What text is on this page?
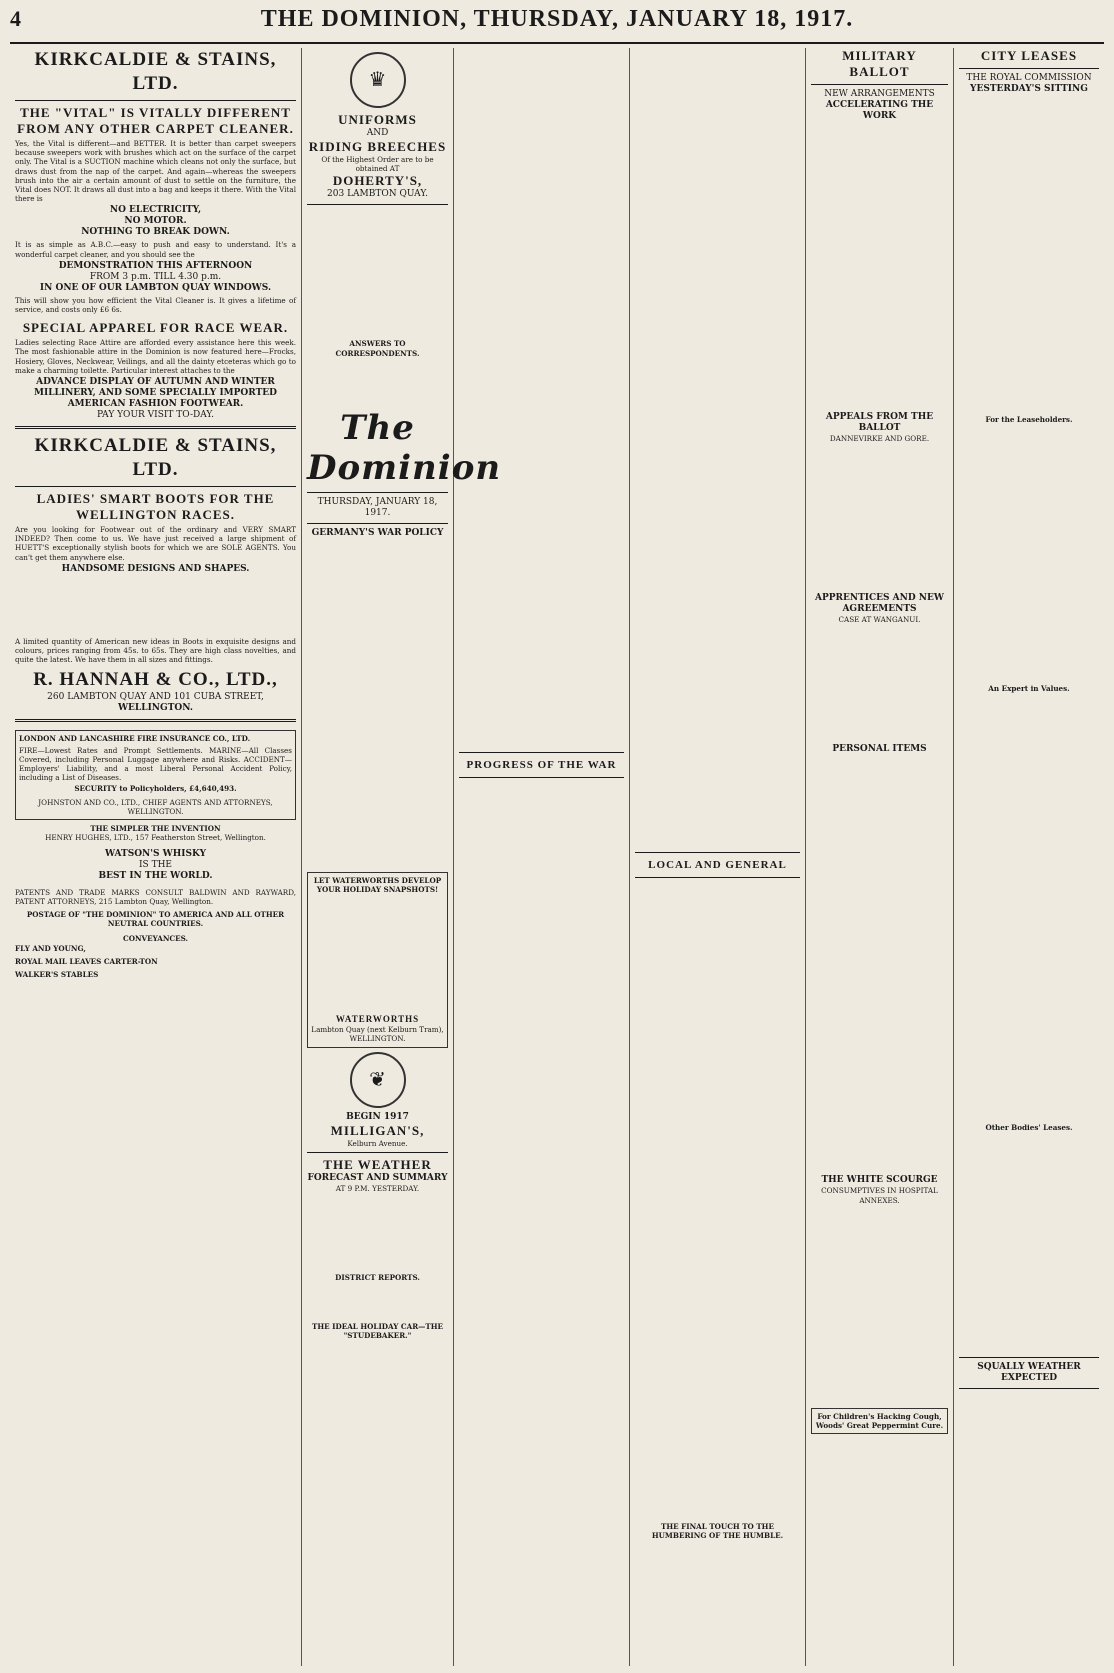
4	THE DOMINION, THURSDAY, JANUARY 18, 1917.
KIRKCALDIE & STAINS, LTD.
THE "VITAL" IS VITALLY DIFFERENT FROM ANY OTHER CARPET CLEANER.

Yes, the Vital is different—and BETTER. It is better than carpet sweepers because sweepers work with brushes which act on the surface of the carpet only. The Vital is a SUCTION machine which cleans not only the surface, but draws dust from the nap of the carpet. And again—whereas the sweepers brush into the air a certain amount of dust to settle on the furniture, the Vital does NOT. It draws all dust into a bag and keeps it there. With the Vital there is

NO ELECTRICITY,
NO MOTOR.
NOTHING TO BREAK DOWN.

It is as simple as A.B.C.—easy to push and easy to understand. It's a wonderful carpet cleaner, and you should see the

DEMONSTRATION THIS AFTERNOON
FROM 3 p.m. TILL 4.30 p.m.
IN ONE OF OUR LAMBTON QUAY WINDOWS.

This will show you how efficient the Vital Cleaner is. It gives a lifetime of service, and costs only £6 6s.

SPECIAL APPAREL FOR RACE WEAR.

Ladies selecting Race Attire are afforded every assistance here this week. The most fashionable attire in the Dominion is now featured here—Frocks, Hosiery, Gloves, Neckwear, Veilings, and all the dainty etceteras which go to make a charming toilette. Particular interest attaches to the

ADVANCE DISPLAY OF AUTUMN AND WINTER
MILLINERY, AND SOME SPECIALLY IMPORTED
AMERICAN FASHION FOOTWEAR.
PAY YOUR VISIT TO-DAY.
KIRKCALDIE & STAINS, LTD.
LADIES' SMART BOOTS FOR THE WELLINGTON RACES.

Are you looking for Footwear out of the ordinary and VERY SMART INDEED? Then come to us. We have just received a large shipment of HUETT'S exceptionally stylish boots for which we are SOLE AGENTS. You can't get them anywhere else.

HANDSOME DESIGNS AND SHAPES.

A limited quantity of American new ideas in Boots in exquisite designs and colours, prices ranging from 45s. to 65s. They are high class novelties, and quite the latest. We have them in all sizes and fittings.

R. HANNAH & CO., LTD.,
260 LAMBTON QUAY AND 101 CUBA STREET,
WELLINGTON.
LONDON AND LANCASHIRE FIRE INSURANCE CO., LTD.

FIRE—Lowest Rates and Prompt Settlements. MARINE—All Classes Covered, including Personal Luggage anywhere and Risks. ACCIDENT—Employers' Liability, and a most Liberal Personal Accident Policy, including a List of Diseases.

SECURITY to Policyholders, £4,640,493.
JOHNSTON AND CO., LTD., CHIEF AGENTS AND ATTORNEYS, WELLINGTON.
THE SIMPLER THE INVENTION
HENRY HUGHES, LTD., 157 Featherston Street, Wellington.
WATSON'S WHISKY
IS THE
BEST IN THE WORLD.

PATENTS AND TRADE MARKS CONSULT BALDWIN AND RAYWARD, PATENT ATTORNEYS, 215 Lambton Quay, Wellington.

POSTAGE OF "THE DOMINION" TO AMERICA AND ALL OTHER NEUTRAL COUNTRIES.
CONVEYANCES.
FLY AND YOUNG,
ROYAL MAIL LEAVES CARTER-TON
WALKER'S STABLES
♛
UNIFORMS
AND
RIDING BREECHES
Of the Highest Order are to be obtained AT
DOHERTY'S,
203 LAMBTON QUAY.
ANSWERS TO CORRESPONDENTS.
The Dominion
THURSDAY, JANUARY 18, 1917.
GERMANY'S WAR POLICY
LET WATERWORTHS DEVELOP YOUR HOLIDAY SNAPSHOTS!
WATERWORTHS
Lambton Quay (next Kelburn Tram), WELLINGTON.
❦
BEGIN 1917
MILLIGAN'S,
Kelburn Avenue.
THE WEATHER
FORECAST AND SUMMARY
AT 9 P.M. YESTERDAY.
DISTRICT REPORTS.
THE IDEAL HOLIDAY CAR—THE "STUDEBAKER."
PROGRESS OF THE WAR
LOCAL AND GENERAL
THE FINAL TOUCH TO THE HUMBERING OF THE HUMBLE.
MILITARY BALLOT
NEW ARRANGEMENTS
ACCELERATING THE WORK
APPEALS FROM THE BALLOT
DANNEVIRKE AND GORE.
APPRENTICES AND NEW AGREEMENTS
CASE AT WANGANUI.
PERSONAL ITEMS
THE WHITE SCOURGE
CONSUMPTIVES IN HOSPITAL ANNEXES.
For Children's Hacking Cough, Woods' Great Peppermint Cure.
CITY LEASES
THE ROYAL COMMISSION
YESTERDAY'S SITTING
For the Leaseholders.
An Expert in Values.
Other Bodies' Leases.
SQUALLY WEATHER EXPECTED
